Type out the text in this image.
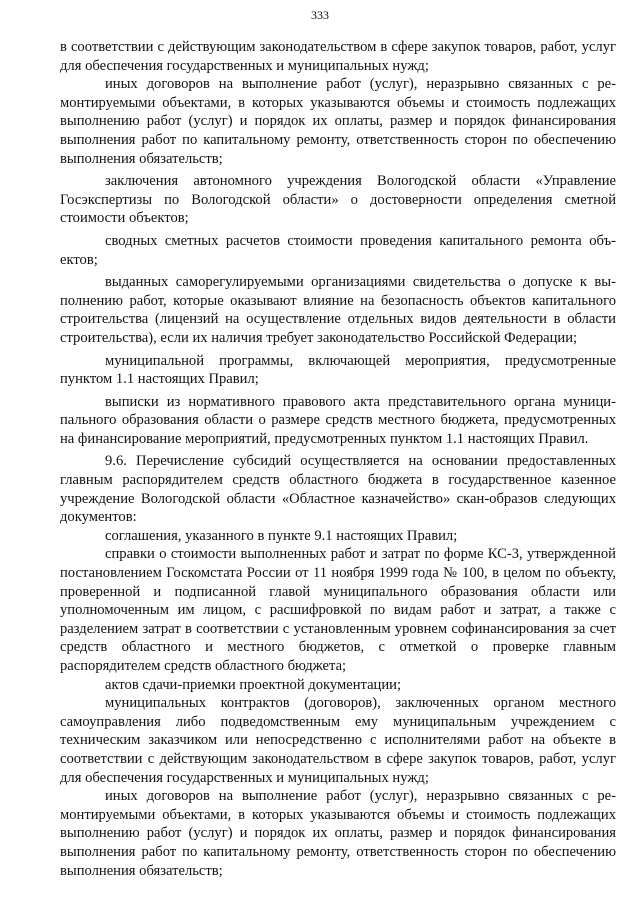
333

в соответствии с действующим законодательством в сфере закупок товаров, работ, услуг для обеспечения государственных и муниципальных нужд;

иных договоров на выполнение работ (услуг), неразрывно связанных с ремонтируемыми объектами, в которых указываются объемы и стоимость подлежащих выполнению работ (услуг) и порядок их оплаты, размер и порядок финансирования выполнения работ по капитальному ремонту, ответственность сторон по обеспечению выполнения обязательств;

заключения автономного учреждения Вологодской области «Управление Госэкспертизы по Вологодской области» о достоверности определения сметной стоимости объектов;

сводных сметных расчетов стоимости проведения капитального ремонта объектов;

выданных саморегулируемыми организациями свидетельства о допуске к выполнению работ, которые оказывают влияние на безопасность объектов капитального строительства (лицензий на осуществление отдельных видов деятельности в области строительства), если их наличия требует законодательство Российской Федерации;

муниципальной программы, включающей мероприятия, предусмотренные пунктом 1.1 настоящих Правил;

выписки из нормативного правового акта представительного органа муниципального образования области о размере средств местного бюджета, предусмотренных на финансирование мероприятий, предусмотренных пунктом 1.1 настоящих Правил.

9.6. Перечисление субсидий осуществляется на основании предоставленных главным распорядителем средств областного бюджета в государственное казенное учреждение Вологодской области «Областное казначейство» скан-образов следующих документов:

соглашения, указанного в пункте 9.1 настоящих Правил;

справки о стоимости выполненных работ и затрат по форме КС-3, утвержденной постановлением Госкомстата России от 11 ноября 1999 года № 100, в целом по объекту, проверенной и подписанной главой муниципального образования области или уполномоченным им лицом, с расшифровкой по видам работ и затрат, а также с разделением затрат в соответствии с установленным уровнем софинансирования за счет средств областного и местного бюджетов, с отметкой о проверке главным распорядителем средств областного бюджета;

актов сдачи-приемки проектной документации;

муниципальных контрактов (договоров), заключенных органом местного самоуправления либо подведомственным ему муниципальным учреждением с техническим заказчиком или непосредственно с исполнителями работ на объекте в соответствии с действующим законодательством в сфере закупок товаров, работ, услуг для обеспечения государственных и муниципальных нужд;

иных договоров на выполнение работ (услуг), неразрывно связанных с ремонтируемыми объектами, в которых указываются объемы и стоимость подлежащих выполнению работ (услуг) и порядок их оплаты, размер и порядок финансирования выполнения работ по капитальному ремонту, ответственность сторон по обеспечению выполнения обязательств;
